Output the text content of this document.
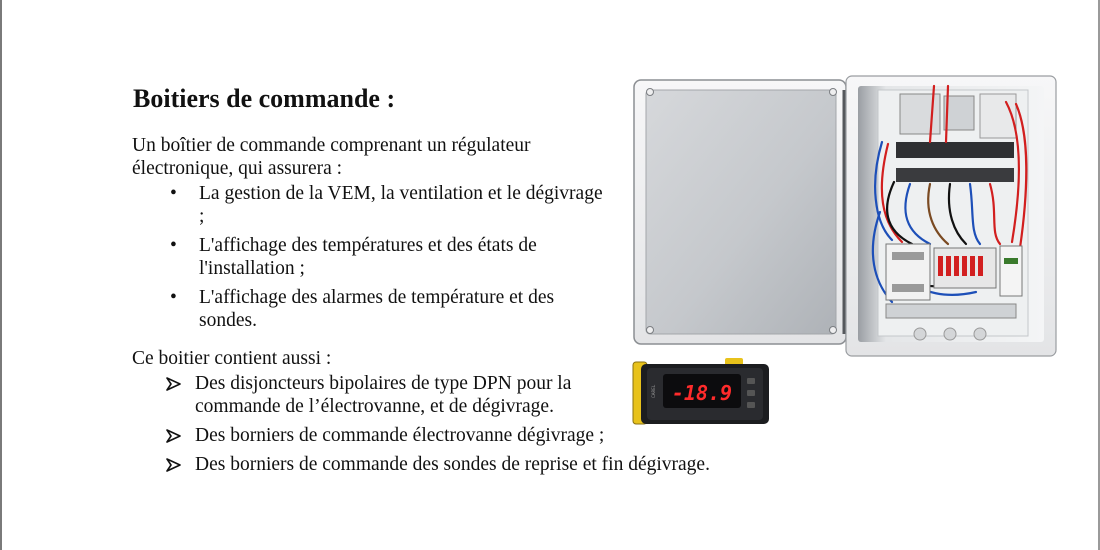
Boitiers de commande :

Un boîtier de commande comprenant un régulateur électronique, qui assurera :

• La gestion de la VEM, la ventilation et le dégivrage ;
• L'affichage des températures et des états de l'installation ;
• L'affichage des alarmes de température et des sondes.

Ce boitier contient aussi :

Des disjoncteurs bipolaires de type DPN pour la commande de l’électrovanne, et de dégivrage.
Des borniers de commande électrovanne dégivrage ;
Des borniers de commande des sondes de reprise et fin dégivrage.
-18.9
CAREL
